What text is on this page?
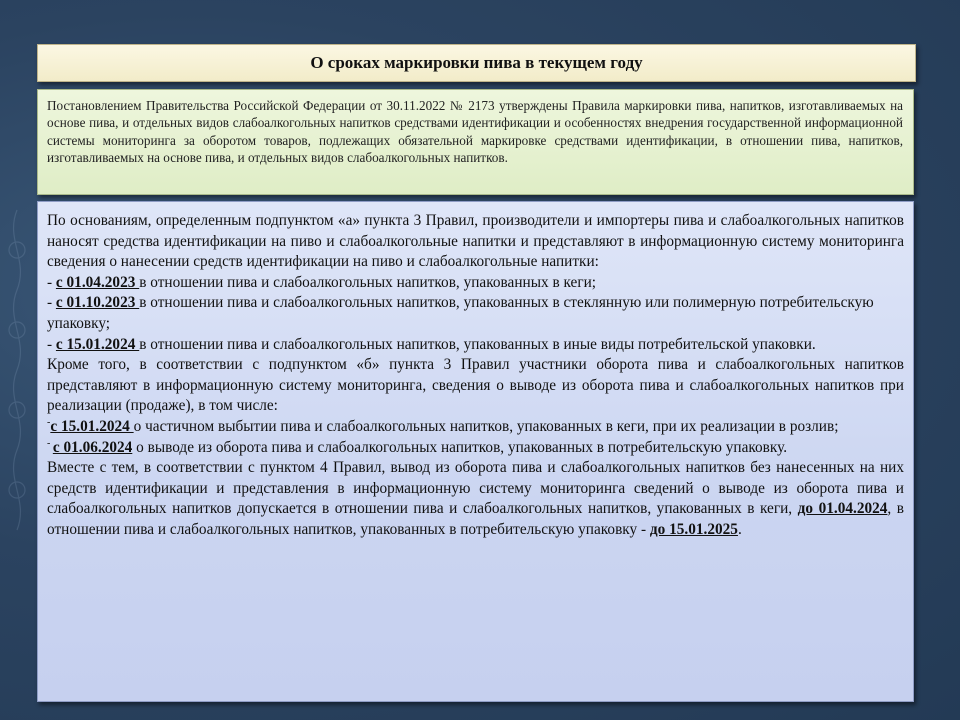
О сроках маркировки пива в текущем году

Постановлением Правительства Российской Федерации от 30.11.2022 № 2173 утверждены Правила маркировки пива, напитков, изготавливаемых на основе пива, и отдельных видов слабоалкогольных напитков средствами идентификации и особенностях внедрения государственной информационной системы мониторинга за оборотом товаров, подлежащих обязательной маркировке средствами идентификации, в отношении пива, напитков, изготавливаемых на основе пива, и отдельных видов слабоалкогольных напитков.

По основаниям, определенным подпунктом «а» пункта 3 Правил, производители и импортеры пива и слабоалкогольных напитков наносят средства идентификации на пиво и слабоалкогольные напитки и представляют в информационную систему мониторинга сведения о нанесении средств идентификации на пиво и слабоалкогольные напитки:

- с 01.04.2023 в отношении пива и слабоалкогольных напитков, упакованных в кеги;

- с 01.10.2023 в отношении пива и слабоалкогольных напитков, упакованных в стеклянную или полимерную потребительскую упаковку;

- с 15.01.2024 в отношении пива и слабоалкогольных напитков, упакованных в иные виды потребительской упаковки.

Кроме того, в соответствии с подпунктом «б» пункта 3 Правил участники оборота пива и слабоалкогольных напитков представляют в информационную систему мониторинга, сведения о выводе из оборота пива и слабоалкогольных напитков при реализации (продаже), в том числе:

-с 15.01.2024 о частичном выбытии пива и слабоалкогольных напитков, упакованных в кеги, при их реализации в розлив;

- с 01.06.2024 о выводе из оборота пива и слабоалкогольных напитков, упакованных в потребительскую упаковку.

Вместе с тем, в соответствии с пунктом 4 Правил, вывод из оборота пива и слабоалкогольных напитков без нанесенных на них средств идентификации и представления в информационную систему мониторинга сведений о выводе из оборота пива и слабоалкогольных напитков допускается в отношении пива и слабоалкогольных напитков, упакованных в кеги, до 01.04.2024, в отношении пива и слабоалкогольных напитков, упакованных в потребительскую упаковку - до 15.01.2025.
